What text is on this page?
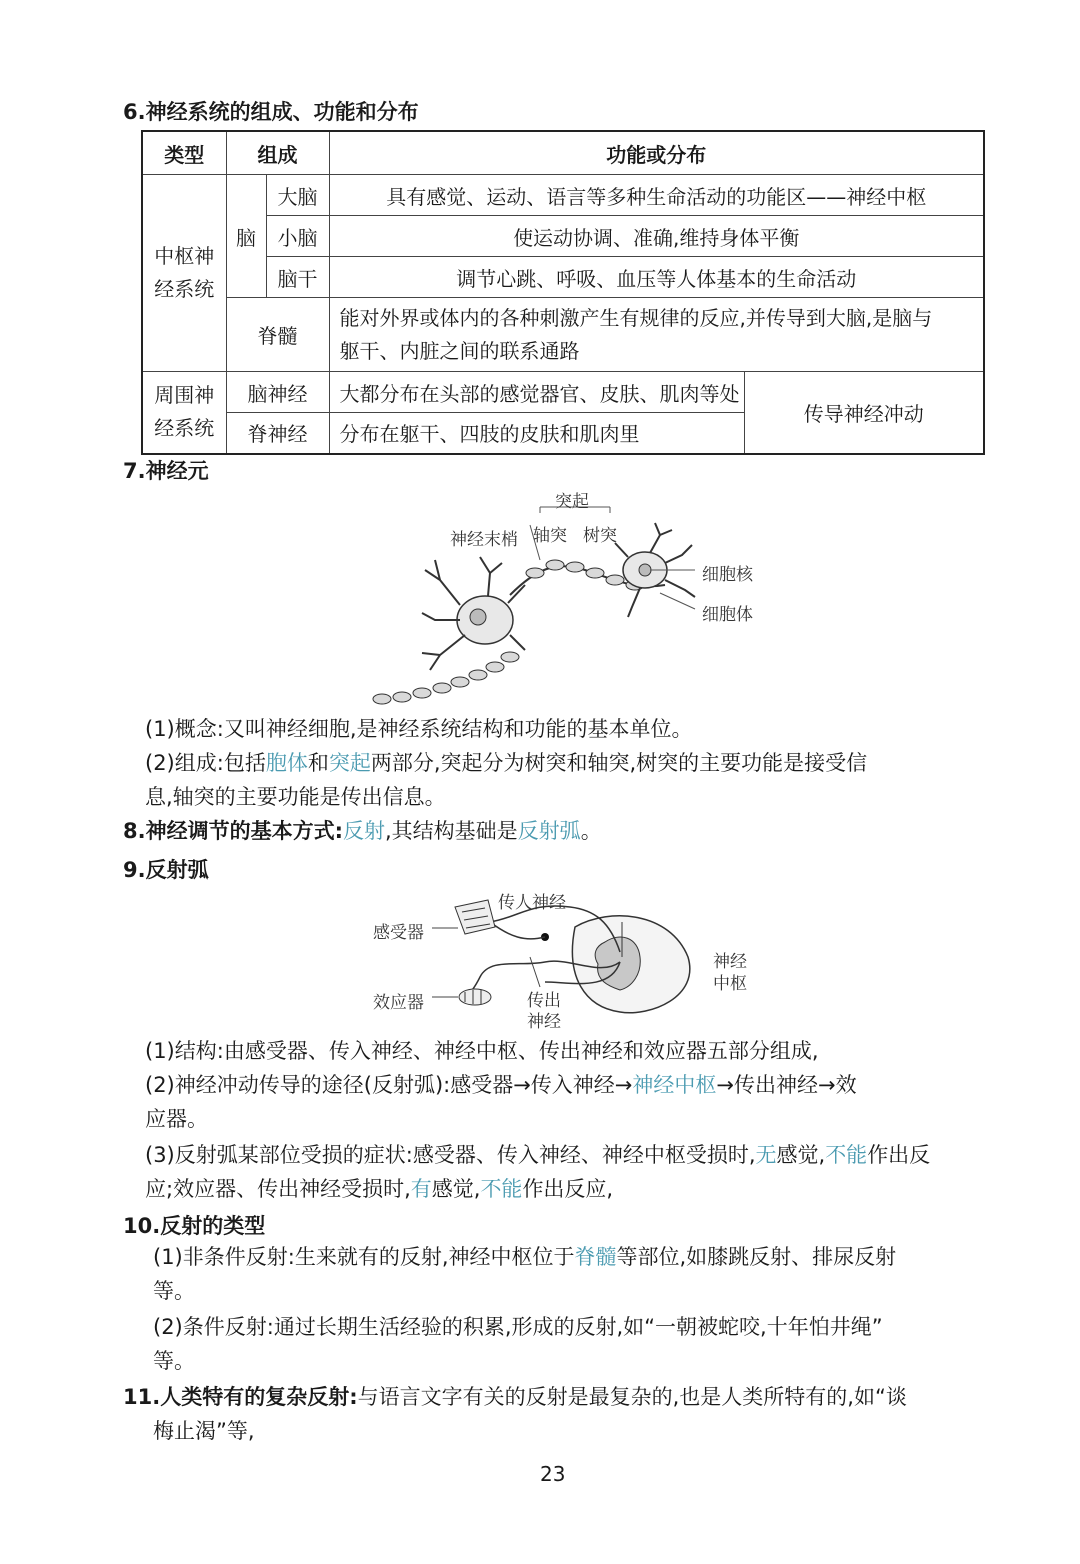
6.神经系统的组成、功能和分布
类型	组成		功能或分布	

中枢神
经系统	脑	大脑	具有感觉、运动、语言等多种生命活动的功能区——神经中枢	
		小脑	使运动协调、准确,维持身体平衡	
		脑干	调节心跳、呼吸、血压等人体基本的生命活动	
	脊髓		能对外界或体内的各种刺激产生有规律的反应,并传导到大脑,是脑与
躯干、内脏之间的联系通路	

周围神
经系统	脑神经		大都分布在头部的感觉器官、皮肤、肌肉等处	传导神经冲动
	脊神经		分布在躯干、四肢的皮肤和肌肉里	
7.神经元
突起
神经末梢 轴突 树突
细胞核
细胞体
(1)概念:又叫神经细胞,是神经系统结构和功能的基本单位。
(2)组成:包括胞体和突起两部分,突起分为树突和轴突,树突的主要功能是接受信
息,轴突的主要功能是传出信息。
8.神经调节的基本方式:反射,其结构基础是反射弧。
9.反射弧
传人神经
感受器
效应器	传出
神经
神经
中枢
(1)结构:由感受器、传入神经、神经中枢、传出神经和效应器五部分组成,
(2)神经冲动传导的途径(反射弧):感受器→传入神经→神经中枢→传出神经→效
应器。
(3)反射弧某部位受损的症状:感受器、传入神经、神经中枢受损时,无感觉,不能作出反
应;效应器、传出神经受损时,有感觉,不能作出反应,
10.反射的类型
(1)非条件反射:生来就有的反射,神经中枢位于脊髓等部位,如膝跳反射、排尿反射
等。
(2)条件反射:通过长期生活经验的积累,形成的反射,如“一朝被蛇咬,十年怕井绳”
等。
11.人类特有的复杂反射:与语言文字有关的反射是最复杂的,也是人类所特有的,如“谈
梅止渴”等,
23
